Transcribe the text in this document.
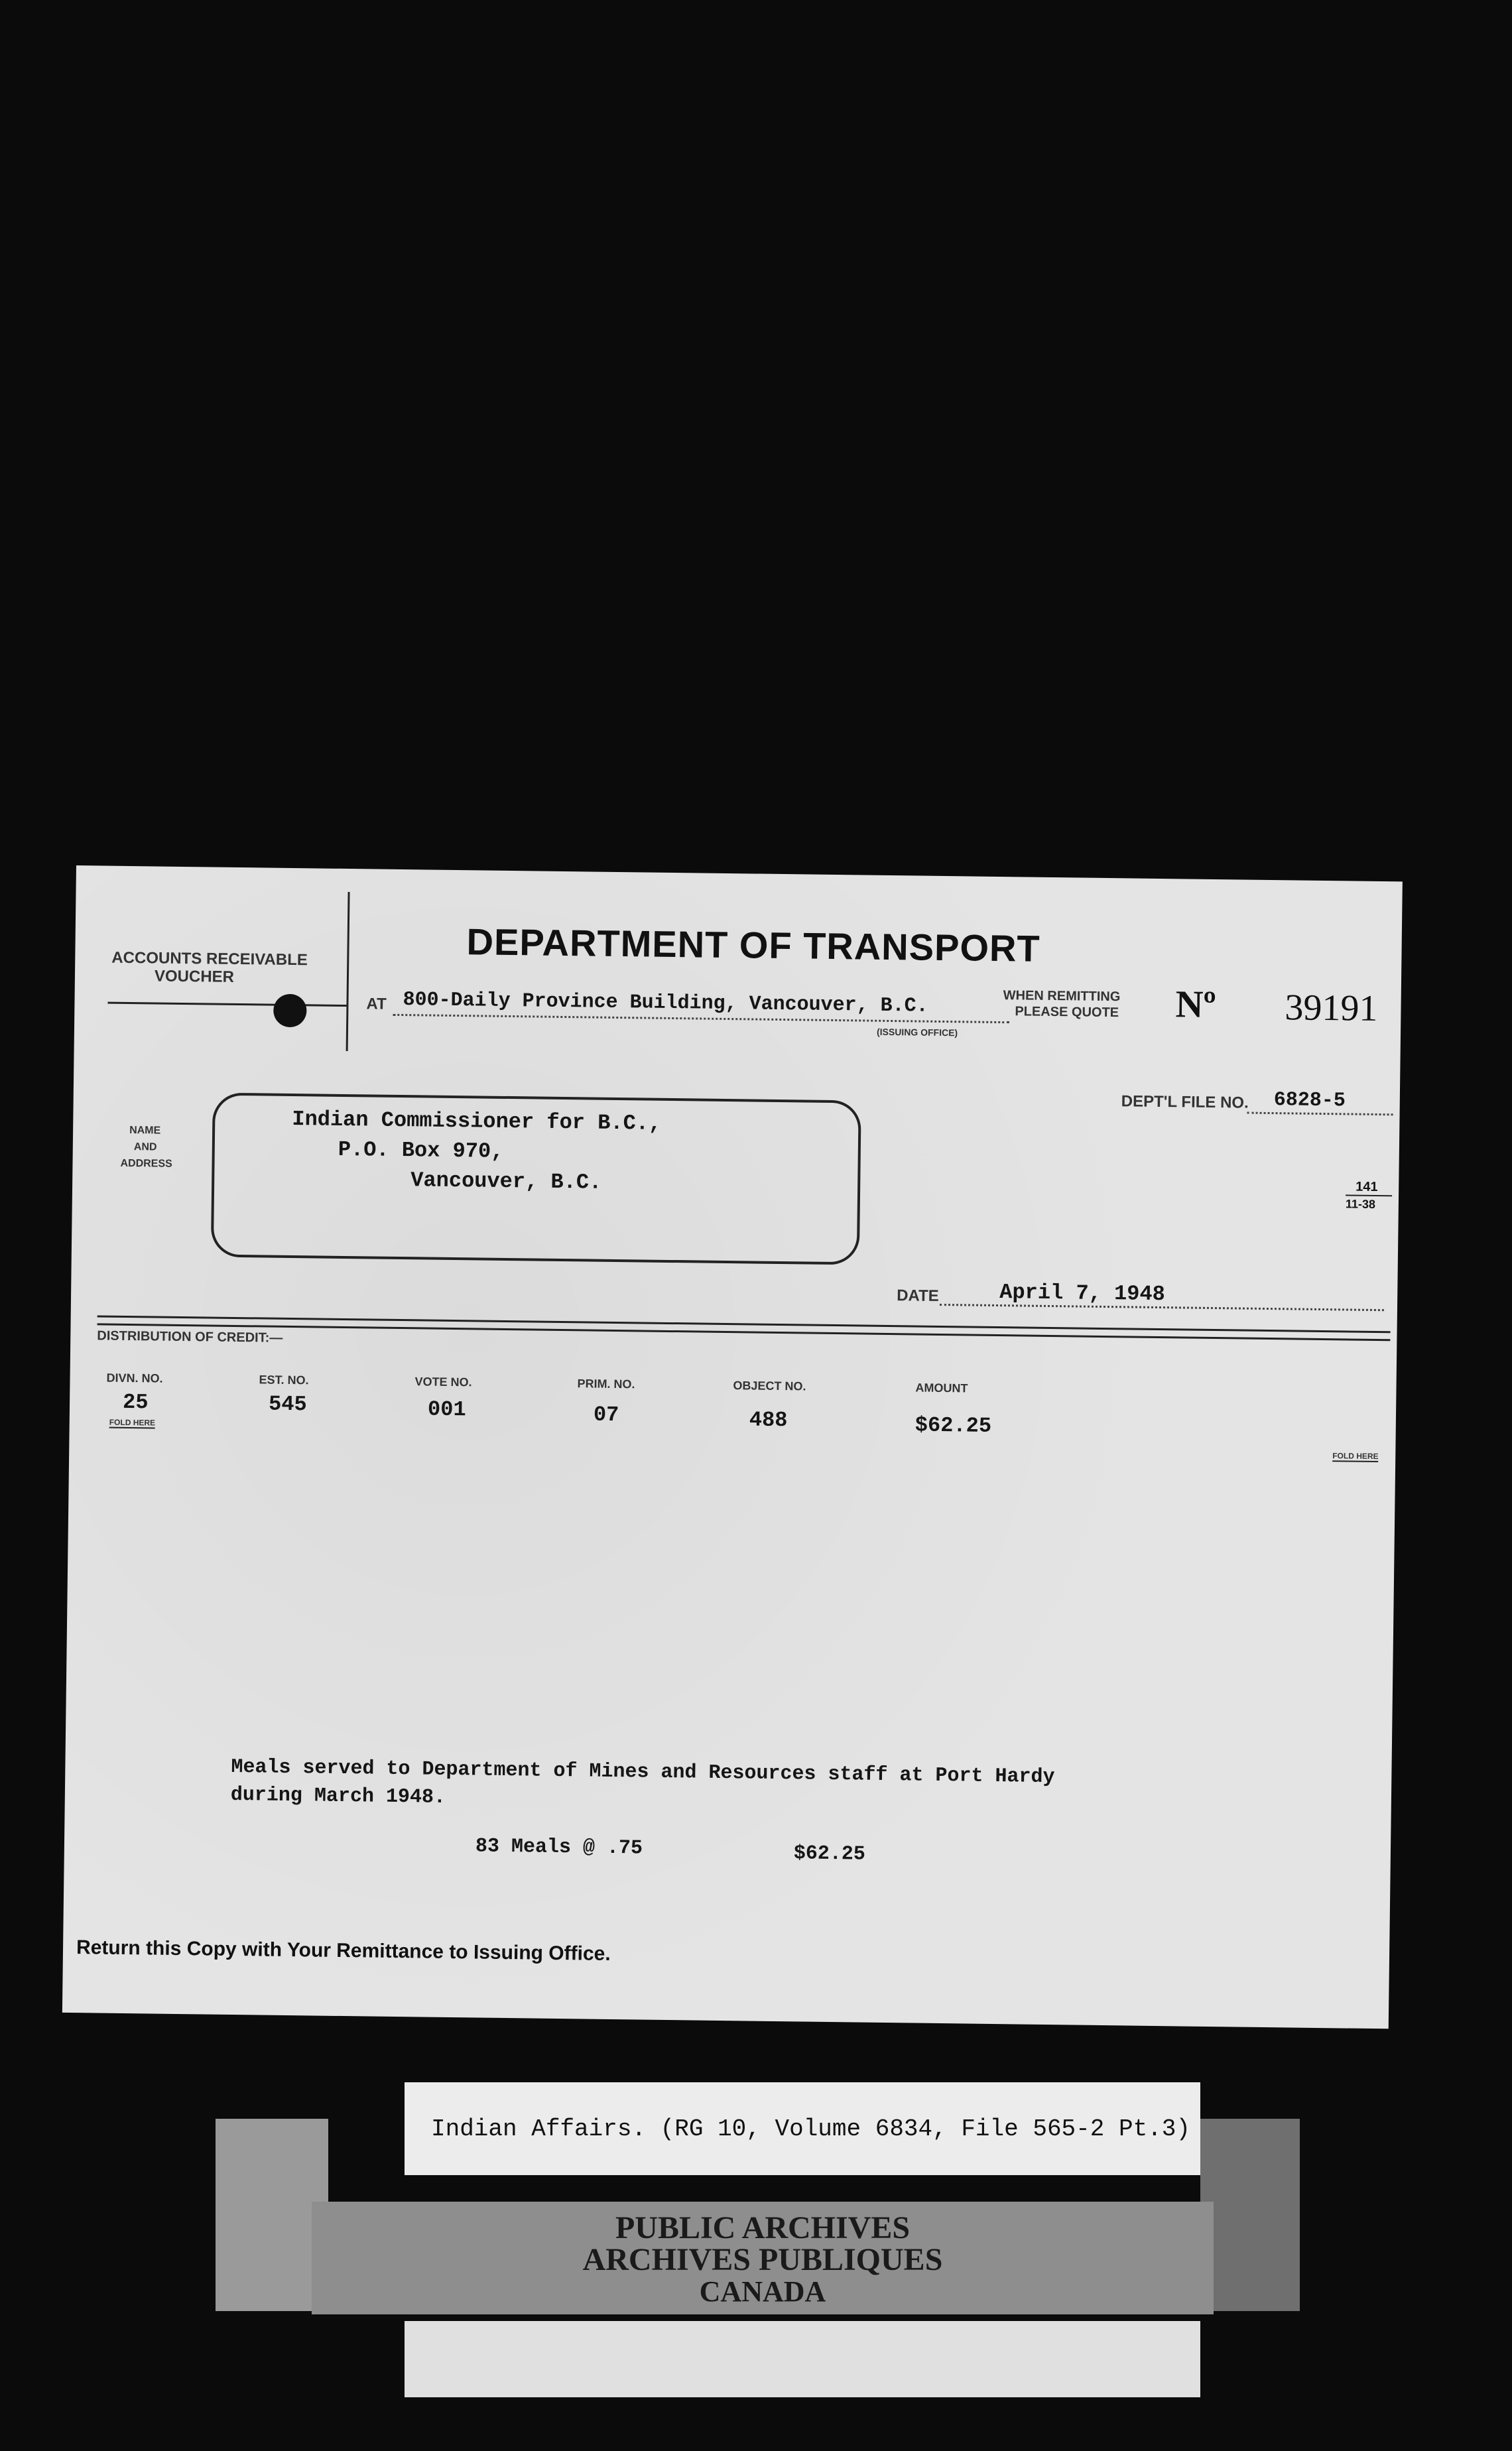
ACCOUNTS RECEIVABLE
VOUCHER
DEPARTMENT OF TRANSPORT
AT 800-Daily Province Building, Vancouver, B.C.
(ISSUING OFFICE)
WHEN REMITTING
PLEASE QUOTE Nº 39191
DEPT'L FILE NO. 6828-5
NAME
AND
ADDRESS
Indian Commissioner for B.C.,
P.O. Box 970,
Vancouver, B.C.	141
11-38
DATE	April 7, 1948
DISTRIBUTION OF CREDIT:—
DIVN. NO.	EST. NO.	VOTE NO.	PRIM. NO.	OBJECT NO.	AMOUNT
25	545	001	07	488	$62.25
FOLD HERE
FOLD HERE
Meals served to Department of Mines and Resources staff at Port Hardy
during March 1948.
83 Meals @ .75	$62.25
Return this Copy with Your Remittance to Issuing Office.
Indian Affairs. (RG 10, Volume 6834, File 565-2 Pt.3)
PUBLIC ARCHIVES
ARCHIVES PUBLIQUES
CANADA
